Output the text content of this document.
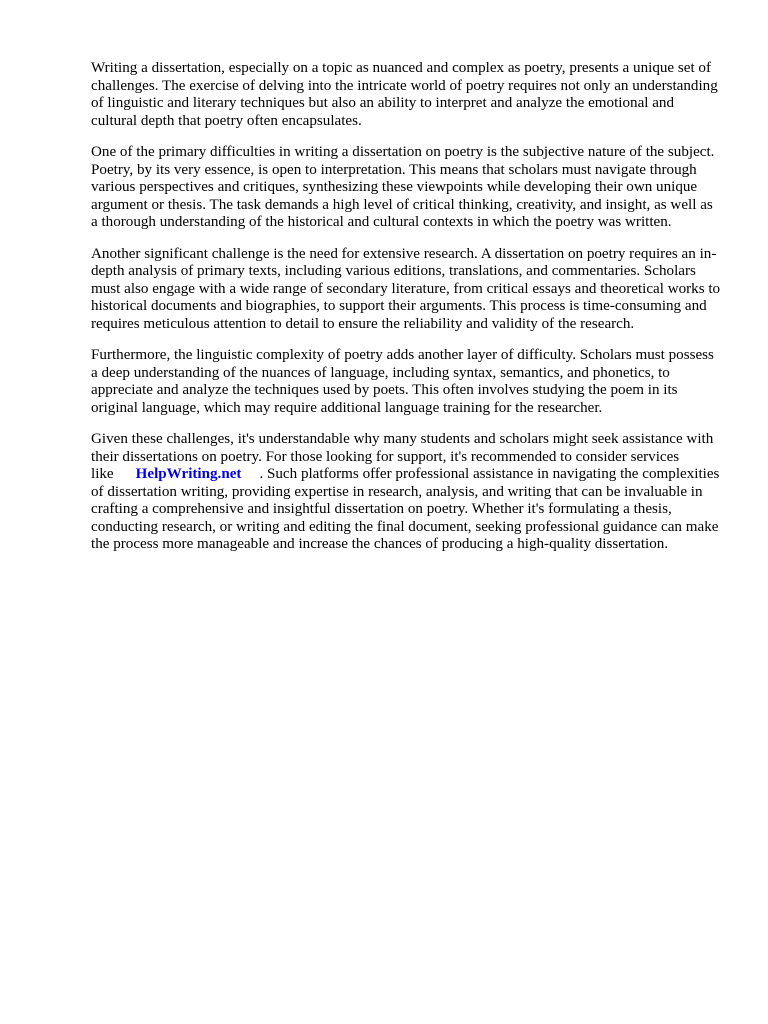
Writing a dissertation, especially on a topic as nuanced and complex as poetry, presents a unique set of challenges. The exercise of delving into the intricate world of poetry requires not only an understanding of linguistic and literary techniques but also an ability to interpret and analyze the emotional and cultural depth that poetry often encapsulates.

One of the primary difficulties in writing a dissertation on poetry is the subjective nature of the subject. Poetry, by its very essence, is open to interpretation. This means that scholars must navigate through various perspectives and critiques, synthesizing these viewpoints while developing their own unique argument or thesis. The task demands a high level of critical thinking, creativity, and insight, as well as a thorough understanding of the historical and cultural contexts in which the poetry was written.

Another significant challenge is the need for extensive research. A dissertation on poetry requires an in-depth analysis of primary texts, including various editions, translations, and commentaries. Scholars must also engage with a wide range of secondary literature, from critical essays and theoretical works to historical documents and biographies, to support their arguments. This process is time-consuming and requires meticulous attention to detail to ensure the reliability and validity of the research.

Furthermore, the linguistic complexity of poetry adds another layer of difficulty. Scholars must possess a deep understanding of the nuances of language, including syntax, semantics, and phonetics, to appreciate and analyze the techniques used by poets. This often involves studying the poem in its original language, which may require additional language training for the researcher.

Given these challenges, it's understandable why many students and scholars might seek assistance with their dissertations on poetry. For those looking for support, it's recommended to consider services like HelpWriting.net . Such platforms offer professional assistance in navigating the complexities of dissertation writing, providing expertise in research, analysis, and writing that can be invaluable in crafting a comprehensive and insightful dissertation on poetry. Whether it's formulating a thesis, conducting research, or writing and editing the final document, seeking professional guidance can make the process more manageable and increase the chances of producing a high-quality dissertation.
